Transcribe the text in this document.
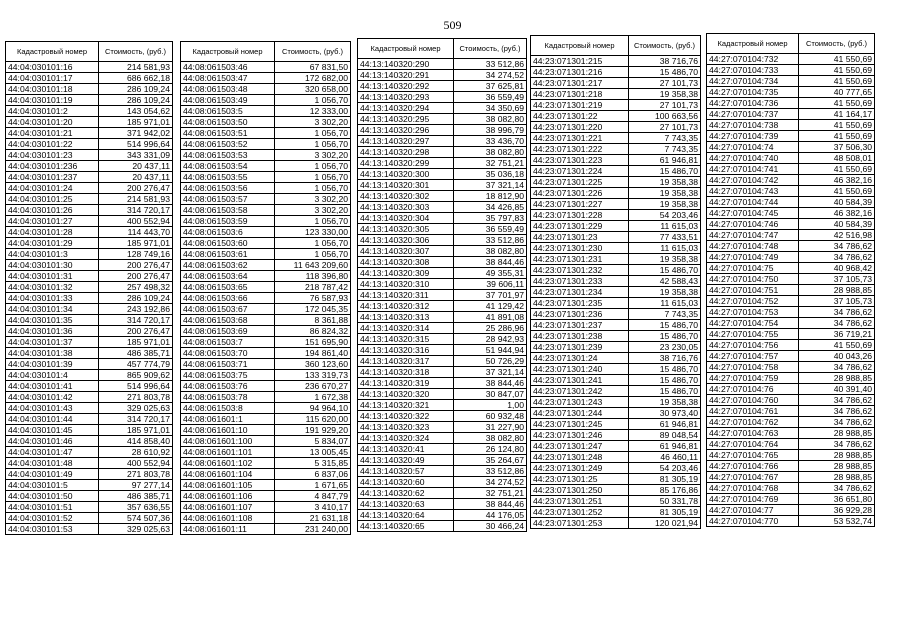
509
Кадастровый номер	Стоимость, (руб.)
44:04:030101:16	214 581,93
44:04:030101:17	686 662,18
44:04:030101:18	286 109,24
44:04:030101:19	286 109,24
44:04:030101:2	143 054,62
44:04:030101:20	185 971,01
44:04:030101:21	371 942,02
44:04:030101:22	514 996,64
44:04:030101:23	343 331,09
44:04:030101:236	20 437,11
44:04:030101:237	20 437,11
44:04:030101:24	200 276,47
44:04:030101:25	214 581,93
44:04:030101:26	314 720,17
44:04:030101:27	400 552,94
44:04:030101:28	114 443,70
44:04:030101:29	185 971,01
44:04:030101:3	128 749,16
44:04:030101:30	200 276,47
44:04:030101:31	200 276,47
44:04:030101:32	257 498,32
44:04:030101:33	286 109,24
44:04:030101:34	243 192,86
44:04:030101:35	314 720,17
44:04:030101:36	200 276,47
44:04:030101:37	185 971,01
44:04:030101:38	486 385,71
44:04:030101:39	457 774,79
44:04:030101:4	865 909,62
44:04:030101:41	514 996,64
44:04:030101:42	271 803,78
44:04:030101:43	329 025,63
44:04:030101:44	314 720,17
44:04:030101:45	185 971,01
44:04:030101:46	414 858,40
44:04:030101:47	28 610,92
44:04:030101:48	400 552,94
44:04:030101:49	271 803,78
44:04:030101:5	97 277,14
44:04:030101:50	486 385,71
44:04:030101:51	357 636,55
44:04:030101:52	574 507,36
44:04:030101:53	329 025,63
Кадастровый номер	Стоимость, (руб.)
44:08:061503:46	67 831,50
44:08:061503:47	172 682,00
44:08:061503:48	320 658,00
44:08:061503:49	1 056,70
44:08:061503:5	12 333,00
44:08:061503:50	3 302,20
44:08:061503:51	1 056,70
44:08:061503:52	1 056,70
44:08:061503:53	3 302,20
44:08:061503:54	1 056,70
44:08:061503:55	1 056,70
44:08:061503:56	1 056,70
44:08:061503:57	3 302,20
44:08:061503:58	3 302,20
44:08:061503:59	1 056,70
44:08:061503:6	123 330,00
44:08:061503:60	1 056,70
44:08:061503:61	1 056,70
44:08:061503:62	11 643 209,60
44:08:061503:64	118 396,80
44:08:061503:65	218 787,42
44:08:061503:66	76 587,93
44:08:061503:67	172 045,35
44:08:061503:68	8 361,88
44:08:061503:69	86 824,32
44:08:061503:7	151 695,90
44:08:061503:70	194 861,40
44:08:061503:71	360 123,60
44:08:061503:75	133 319,73
44:08:061503:76	236 670,27
44:08:061503:78	1 672,38
44:08:061503:8	94 964,10
44:08:061601:1	115 620,00
44:08:061601:10	191 929,20
44:08:061601:100	5 834,07
44:08:061601:101	13 005,45
44:08:061601:102	5 315,85
44:08:061601:104	6 837,06
44:08:061601:105	1 671,65
44:08:061601:106	4 847,79
44:08:061601:107	3 410,17
44:08:061601:108	21 631,18
44:08:061601:11	231 240,00
Кадастровый номер	Стоимость, (руб.)
44:13:140320:290	33 512,86
44:13:140320:291	34 274,52
44:13:140320:292	37 625,81
44:13:140320:293	36 559,49
44:13:140320:294	34 350,69
44:13:140320:295	38 082,80
44:13:140320:296	38 996,79
44:13:140320:297	33 436,70
44:13:140320:298	38 082,80
44:13:140320:299	32 751,21
44:13:140320:300	35 036,18
44:13:140320:301	37 321,14
44:13:140320:302	18 812,90
44:13:140320:303	34 426,85
44:13:140320:304	35 797,83
44:13:140320:305	36 559,49
44:13:140320:306	33 512,86
44:13:140320:307	38 082,80
44:13:140320:308	38 844,46
44:13:140320:309	49 355,31
44:13:140320:310	39 606,11
44:13:140320:311	37 701,97
44:13:140320:312	41 129,42
44:13:140320:313	41 891,08
44:13:140320:314	25 286,96
44:13:140320:315	28 942,93
44:13:140320:316	51 944,94
44:13:140320:317	50 726,29
44:13:140320:318	37 321,14
44:13:140320:319	38 844,46
44:13:140320:320	30 847,07
44:13:140320:321	1,00
44:13:140320:322	60 932,48
44:13:140320:323	31 227,90
44:13:140320:324	38 082,80
44:13:140320:41	26 124,80
44:13:140320:49	35 264,67
44:13:140320:57	33 512,86
44:13:140320:60	34 274,52
44:13:140320:62	32 751,21
44:13:140320:63	38 844,46
44:13:140320:64	44 176,05
44:13:140320:65	30 466,24
Кадастровый номер	Стоимость, (руб.)
44:23:071301:215	38 716,76
44:23:071301:216	15 486,70
44:23:071301:217	27 101,73
44:23:071301:218	19 358,38
44:23:071301:219	27 101,73
44:23:071301:22	100 663,56
44:23:071301:220	27 101,73
44:23:071301:221	7 743,35
44:23:071301:222	7 743,35
44:23:071301:223	61 946,81
44:23:071301:224	15 486,70
44:23:071301:225	19 358,38
44:23:071301:226	19 358,38
44:23:071301:227	19 358,38
44:23:071301:228	54 203,46
44:23:071301:229	11 615,03
44:23:071301:23	77 433,51
44:23:071301:230	11 615,03
44:23:071301:231	19 358,38
44:23:071301:232	15 486,70
44:23:071301:233	42 588,43
44:23:071301:234	19 358,38
44:23:071301:235	11 615,03
44:23:071301:236	7 743,35
44:23:071301:237	15 486,70
44:23:071301:238	15 486,70
44:23:071301:239	23 230,05
44:23:071301:24	38 716,76
44:23:071301:240	15 486,70
44:23:071301:241	15 486,70
44:23:071301:242	15 486,70
44:23:071301:243	19 358,38
44:23:071301:244	30 973,40
44:23:071301:245	61 946,81
44:23:071301:246	89 048,54
44:23:071301:247	61 946,81
44:23:071301:248	46 460,11
44:23:071301:249	54 203,46
44:23:071301:25	81 305,19
44:23:071301:250	85 176,86
44:23:071301:251	50 331,78
44:23:071301:252	81 305,19
44:23:071301:253	120 021,94
Кадастровый номер	Стоимость, (руб.)
44:27:070104:732	41 550,69
44:27:070104:733	41 550,69
44:27:070104:734	41 550,69
44:27:070104:735	40 777,65
44:27:070104:736	41 550,69
44:27:070104:737	41 164,17
44:27:070104:738	41 550,69
44:27:070104:739	41 550,69
44:27:070104:74	37 506,30
44:27:070104:740	48 508,01
44:27:070104:741	41 550,69
44:27:070104:742	46 382,16
44:27:070104:743	41 550,69
44:27:070104:744	40 584,39
44:27:070104:745	46 382,16
44:27:070104:746	40 584,39
44:27:070104:747	42 516,98
44:27:070104:748	34 786,62
44:27:070104:749	34 786,62
44:27:070104:75	40 968,42
44:27:070104:750	37 105,73
44:27:070104:751	28 988,85
44:27:070104:752	37 105,73
44:27:070104:753	34 786,62
44:27:070104:754	34 786,62
44:27:070104:755	36 719,21
44:27:070104:756	41 550,69
44:27:070104:757	40 043,26
44:27:070104:758	34 786,62
44:27:070104:759	28 988,85
44:27:070104:76	40 391,40
44:27:070104:760	34 786,62
44:27:070104:761	34 786,62
44:27:070104:762	34 786,62
44:27:070104:763	28 988,85
44:27:070104:764	34 786,62
44:27:070104:765	28 988,85
44:27:070104:766	28 988,85
44:27:070104:767	28 988,85
44:27:070104:768	34 786,62
44:27:070104:769	36 651,80
44:27:070104:77	36 929,28
44:27:070104:770	53 532,74
